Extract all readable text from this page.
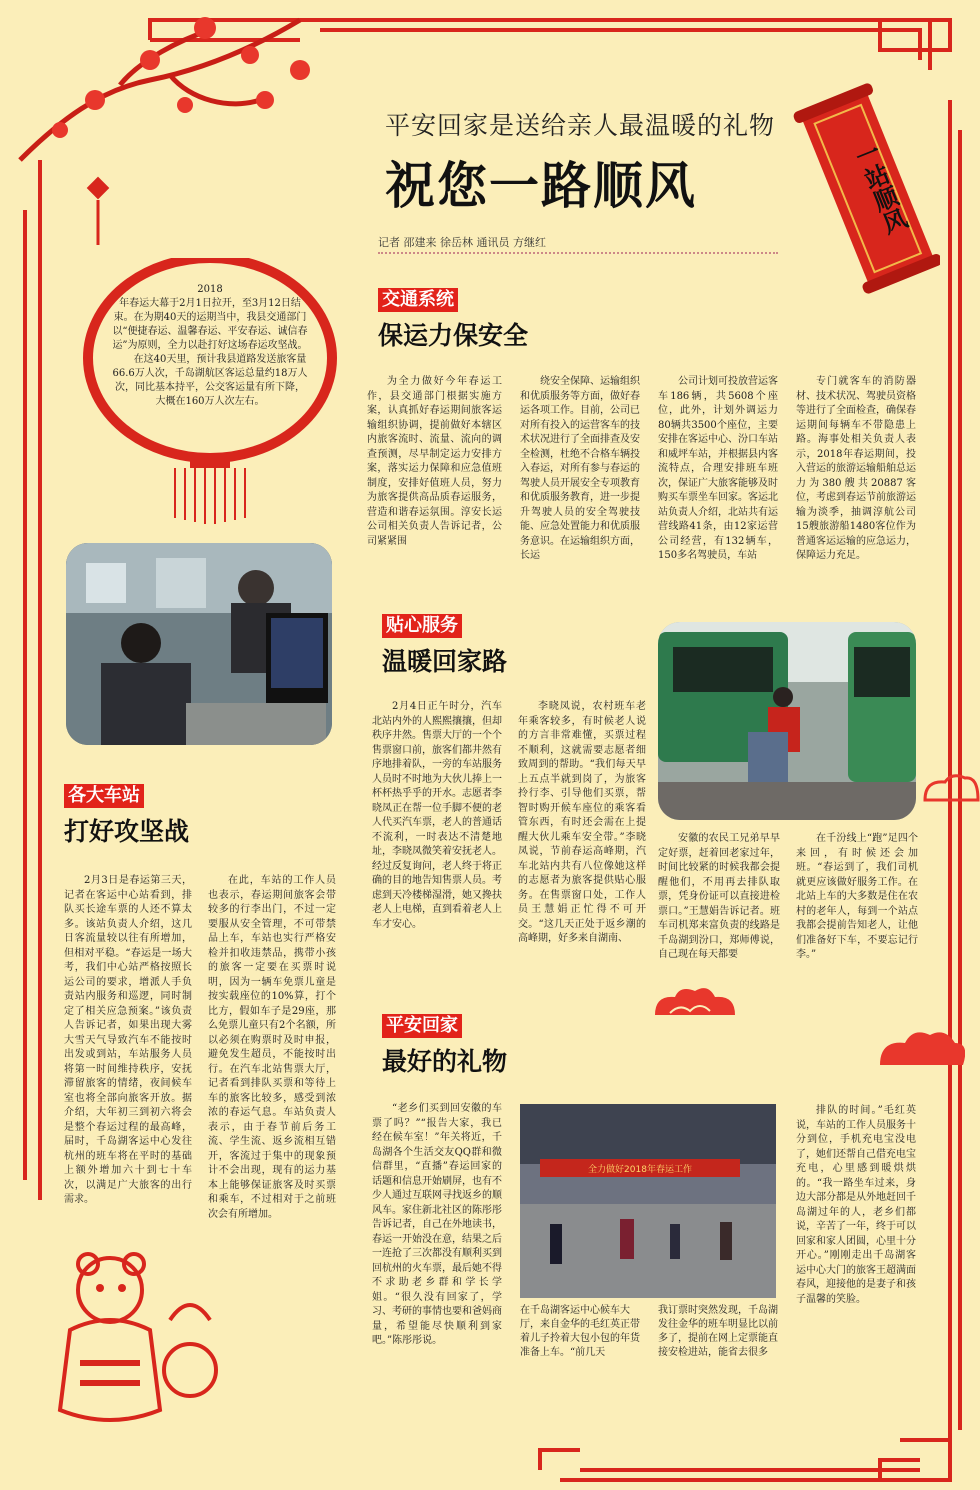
2018
年春运大幕于2月1日拉开，至3月12日结束。在为期40天的运期当中，我县交通部门以“便捷春运、温馨春运、平安春运、诚信春运”为原则，全力以赴打好这场春运攻坚战。
在这40天里，预计我县道路发送旅客量66.6万人次，千岛湖航区客运总量约18万人次，同比基本持平，公交客运量有所下降，大概在160万人次左右。
平安回家是送给亲人最温暖的礼物
祝您一路顺风
记者 邵建来 徐岳林 通讯员 方继红
一站顺风
交通系统
保运力保安全

为全力做好今年春运工作，县交通部门根据实施方案，认真抓好春运期间旅客运输组织协调，提前做好本辖区内旅客流时、流量、流向的调查预测，尽早制定运力安排方案，落实运力保障和应急值班制度，安排好值班人员，努力为旅客提供高品质春运服务，营造和谐春运氛围。淳安长运公司相关负责人告诉记者，公司紧紧围

绕安全保障、运输组织和优质服务等方面，做好春运各项工作。目前，公司已对所有投入的运营客车的技术状况进行了全面排查及安全检测，杜绝不合格车辆投入春运，对所有参与春运的驾驶人员开展安全专项教育和优质服务教育，进一步提升驾驶人员的安全驾驶技能、应急处置能力和优质服务意识。在运输组织方面，长运

公司计划可投放营运客车186辆，共5608个座位，此外，计划外调运力80辆共3500个座位，主要安排在客运中心、汾口车站和威坪车站，并根据县内客流特点，合理安排班车班次，保证广大旅客能够及时购买车票坐车回家。客运北站负责人介绍，北站共有运营线路41条，由12家运营公司经营，有132辆车，150多名驾驶员，车站

专门就客车的消防器材、技术状况、驾驶员资格等进行了全面检查，确保春运期间每辆车不带隐患上路。海事处相关负责人表示，2018年春运期间，投入营运的旅游运输船舶总运力为380艘共20887客位，考虑到春运节前旅游运输为淡季，抽调淳航公司15艘旅游船1480客位作为普通客运运输的应急运力，保障运力充足。

各大车站
打好攻坚战

2月3日是春运第三天，记者在客运中心站看到，排队买长途车票的人还不算太多。该站负责人介绍，这几日客流量较以往有所增加，但相对平稳。“春运是一场大考，我们中心站严格按照长运公司的要求，增派人手负责站内服务和巡逻，同时制定了相关应急预案。”该负责人告诉记者，如果出现大雾大雪天气导致汽车不能按时出发或到站，车站服务人员将第一时间维持秩序，安抚滞留旅客的情绪，夜间候车室也将全部向旅客开放。据介绍，大年初三到初六将会是整个春运过程的最高峰，届时，千岛湖客运中心发往杭州的班车将在平时的基础上额外增加六十到七十车次，以满足广大旅客的出行需求。

在此，车站的工作人员也表示，春运期间旅客会带较多的行李出门，不过一定要服从安全管理，不可带禁品上车，车站也实行严格安检并扣收违禁品，携带小孩的旅客一定要在买票时说明，因为一辆车免票儿童是按实载座位的10%算，打个比方，假如车子是29座，那么免票儿童只有2个名额，所以必须在购票时及时申报，避免发生超员，不能按时出行。在汽车北站售票大厅，记者看到排队买票和等待上车的旅客比较多，感受到浓浓的春运气息。车站负责人表示，由于春节前后务工流、学生流、返乡流相互错开，客流过于集中的现象预计不会出现，现有的运力基本上能够保证旅客及时买票和乘车，不过相对于之前班次会有所增加。

贴心服务
温暖回家路

2月4日正午时分，汽车北站内外的人熙熙攘攘，但却秩序井然。售票大厅的一个个售票窗口前，旅客们都井然有序地排着队，一旁的车站服务人员时不时地为大伙儿捧上一杯杯热乎乎的开水。志愿者李晓凤正在帮一位手脚不便的老人代买汽车票，老人的普通话不流利，一时表达不清楚地址，李晓凤微笑着安抚老人。经过反复询问，老人终于将正确的目的地告知售票人员。考虑到天冷楼梯湿滑，她又搀扶老人上电梯，直到看着老人上车才安心。

李晓凤说，农村班车老年乘客较多，有时候老人说的方言非常难懂，买票过程不顺利，这就需要志愿者细致周到的帮助。“我们每天早上五点半就到岗了，为旅客拎行李、引导他们买票，帮智时购开候车座位的乘客看管东西，有时还会需在上提醒大伙儿乘车安全带。”李晓凤说，节前春运高峰期，汽车北站内共有八位像她这样的志愿者为旅客提供贴心服务。在售票窗口处，工作人员王慧娟正忙得不可开交。“这几天正处于返乡潮的高峰期，好多来自湖南、

安徽的农民工兄弟早早定好票，赶着回老家过年，时间比较紧的时候我都会提醒他们，不用再去排队取票，凭身份证可以直接进检票口。”王慧娟告诉记者。班车司机郑来富负责的线路是千岛湖到汾口，郑师傅说，自己现在每天都要

在千汾线上“跑”足四个来回，有时候还会加班。“春运到了，我们司机就更应该做好服务工作。在北站上车的大多数是住在农村的老年人，每到一个站点我都会提前告知老人，让他们准备好下车，不要忘记行李。”

平安回家
最好的礼物

“老乡们买到回安徽的车票了吗？”“报告大家，我已经在候车室！”年关将近，千岛湖各个生活交友QQ群和微信群里，“直播”春运回家的话题和信息开始刷屏，也有不少人通过互联网寻找返乡的顺风车。家住新北社区的陈彤彤告诉记者，自己在外地读书，春运一开始没在意，结果之后一连抢了三次都没有顺利买到回杭州的火车票，最后她不得不求助老乡群和学长学姐。“很久没有回家了，学习、考研的事情也要和爸妈商量，希望能尽快顺利到家吧。”陈彤彤说。

全力做好2018年春运工作
在千岛湖客运中心候车大厅，来自金华的毛红英正带着儿子拎着大包小包的年货准备上车。“前几天
我订票时突然发现，千岛湖发往金华的班车明显比以前多了，提前在网上定票能直接安检进站，能省去很多

排队的时间。”毛红英说，车站的工作人员服务十分到位，手机充电宝没电了，她们还帮自己借充电宝充电，心里感到暖烘烘的。“我一路坐车过来，身边大部分都是从外地赶回千岛湖过年的人，老乡们都说，辛苦了一年，终于可以回家和家人团圆，心里十分开心。”刚刚走出千岛湖客运中心大门的旅客王超满面春风，迎接他的是妻子和孩子温馨的笑脸。
